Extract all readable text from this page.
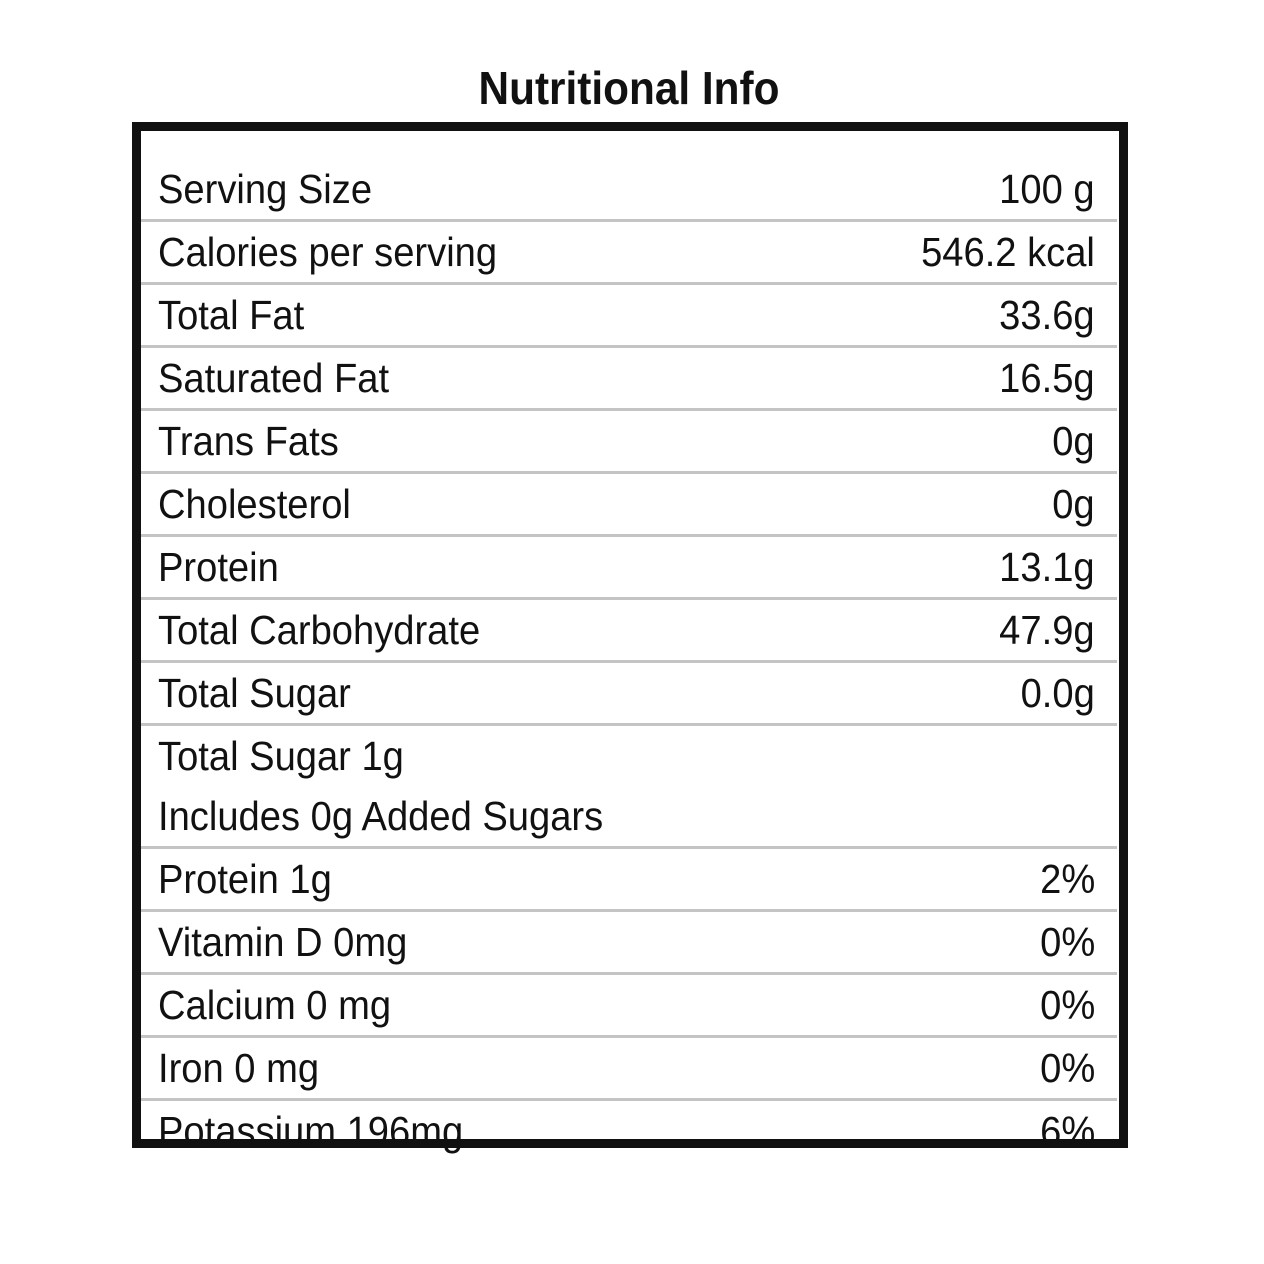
Nutritional Info
Serving Size	100 g
Calories per serving	546.2 kcal
Total Fat	33.6g
Saturated Fat	16.5g
Trans Fats	0g
Cholesterol	0g
Protein	13.1g
Total Carbohydrate	47.9g
Total Sugar	0.0g
Total Sugar 1g
Includes 0g Added Sugars
Protein 1g	2%
Vitamin D 0mg	0%
Calcium 0 mg	0%
Iron 0 mg	0%
Potassium 196mg	6%
